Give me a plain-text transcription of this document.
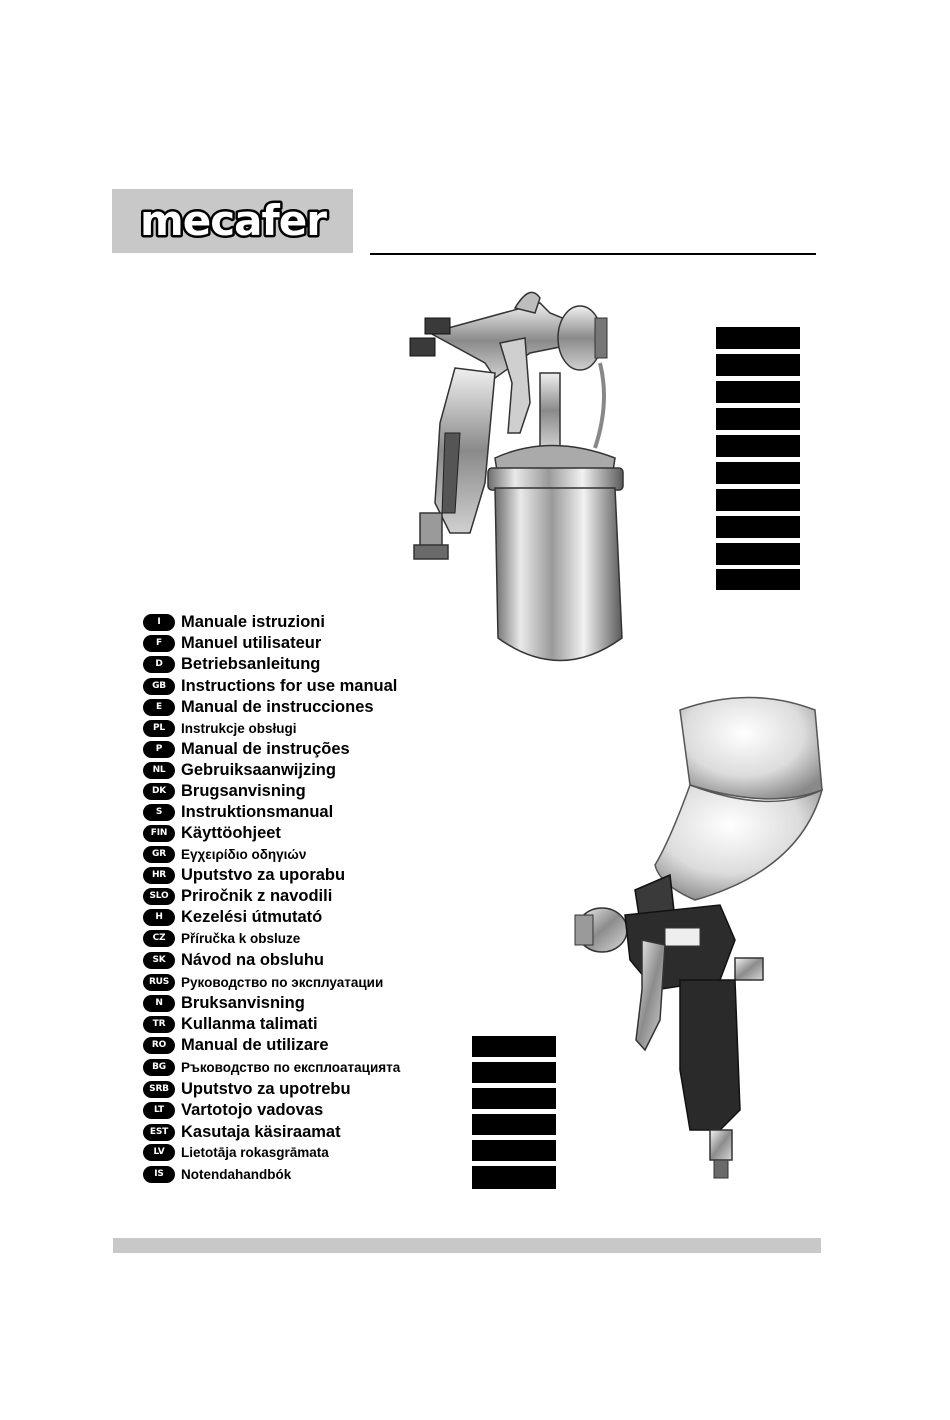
mecafer
I	Manuale istruzioni
F	Manuel utilisateur
D	Betriebsanleitung
GB Instructions for use manual
E	Manual de instrucciones
PL	Instrukcje obsługi
P	Manual de instruções
NL Gebruiksaanwijzing
DK Brugsanvisning
S	Instruktionsmanual
FIN Käyttöohjeet
GR	Εγχειρίδιο οδηγιών
HR Uputstvo za uporabu
SLO Priročnik z navodili
H	Kezelési útmutató
CZ	Příručka k obsluze
SK Návod na obsluhu
RUS Руководство по эксплуатации
N	Bruksanvisning
TR Kullanma talimati
RO Manual de utilizare
BG	Ръководство по експлоатацията
SRB Uputstvo za upotrebu
LT	Vartotojo vadovas
EST Kasutaja käsiraamat
LV	Lietotāja rokasgrāmata
IS	Notendahandbók
